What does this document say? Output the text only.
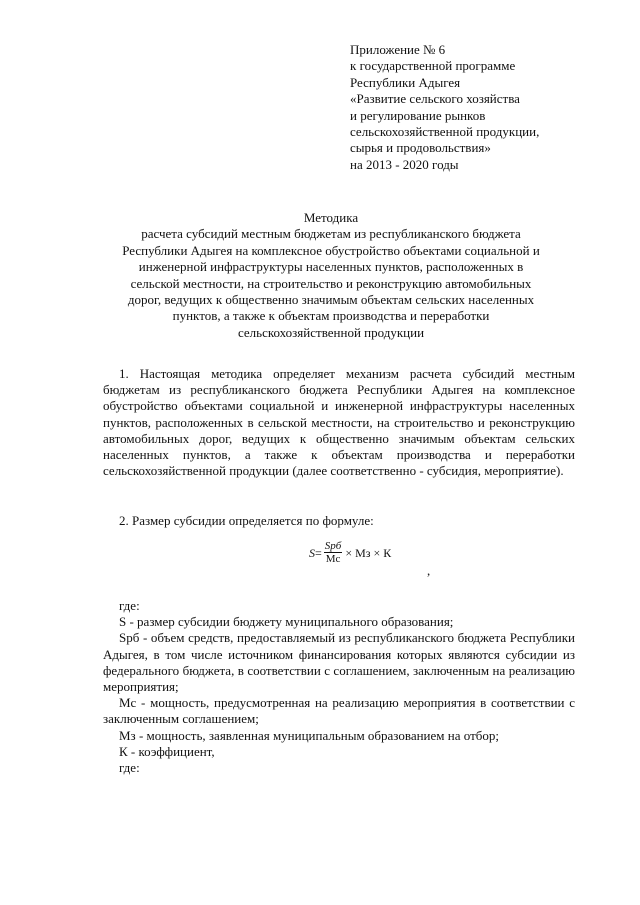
Приложение № 6
к государственной программе
Республики Адыгея
«Развитие сельского хозяйства
и регулирование рынков
сельскохозяйственной продукции,
сырья и продовольствия»
на 2013 - 2020 годы
Методика
расчета субсидий местным бюджетам из республиканского бюджета
Республики Адыгея на комплексное обустройство объектами социальной и
инженерной инфраструктуры населенных пунктов, расположенных в
сельской местности, на строительство и реконструкцию автомобильных
дорог, ведущих к общественно значимым объектам сельских населенных
пунктов, а также к объектам производства и переработки
сельскохозяйственной продукции

1. Настоящая методика определяет механизм расчета субсидий местным бюджетам из республиканского бюджета Республики Адыгея на комплексное обустройство объектами социальной и инженерной инфраструктуры населенных пунктов, расположенных в сельской местности, на строительство и реконструкцию автомобильных дорог, ведущих к общественно значимым объектам сельских населенных пунктов, а также к объектам производства и переработки сельскохозяйственной продукции (далее соответственно - субсидия, мероприятие).

2. Размер субсидии определяется по формуле:

$S = \frac{\text{Spб}}{Мс}$ × Мз × К
,

где:

S - размер субсидии бюджету муниципального образования;

Spб - объем средств, предоставляемый из республиканского бюджета Республики Адыгея, в том числе источником финансирования которых являются субсидии из федерального бюджета, в соответствии с соглашением, заключенным на реализацию мероприятия;

Мс - мощность, предусмотренная на реализацию мероприятия в соответствии с заключенным соглашением;

Мз - мощность, заявленная муниципальным образованием на отбор;

К - коэффициент,

где:
